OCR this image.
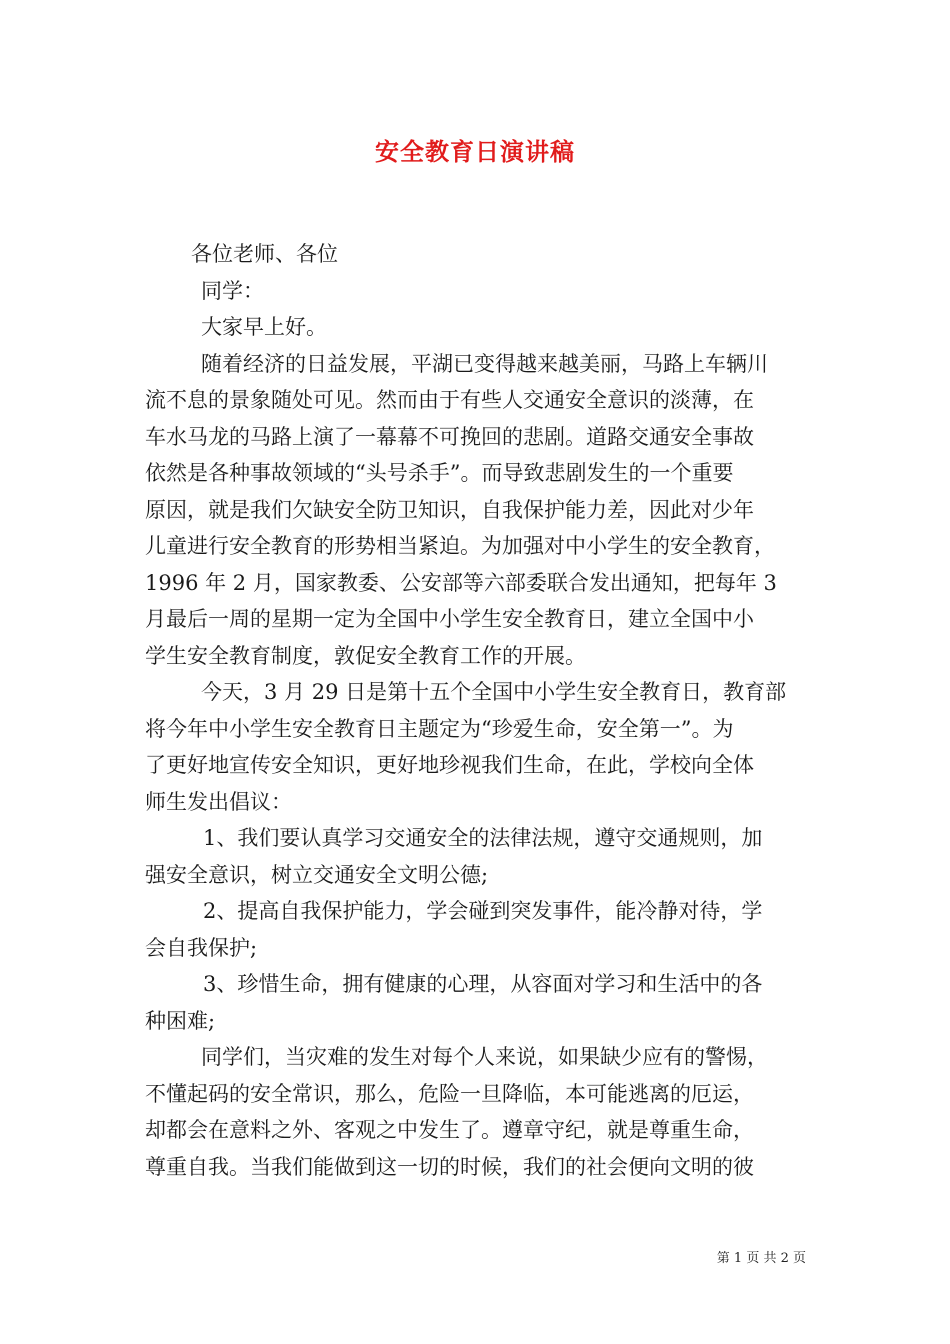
安全教育日演讲稿
各位老师、各位
同学：
大家早上好。
随着经济的日益发展，平湖已变得越来越美丽，马路上车辆川
流不息的景象随处可见。然而由于有些人交通安全意识的淡薄，在
车水马龙的马路上演了一幕幕不可挽回的悲剧。道路交通安全事故
依然是各种事故领域的“头号杀手”。而导致悲剧发生的一个重要
原因，就是我们欠缺安全防卫知识，自我保护能力差，因此对少年
儿童进行安全教育的形势相当紧迫。为加强对中小学生的安全教育，
1996 年 2 月，国家教委、公安部等六部委联合发出通知，把每年 3
月最后一周的星期一定为全国中小学生安全教育日，建立全国中小
学生安全教育制度，敦促安全教育工作的开展。
今天，3 月 29 日是第十五个全国中小学生安全教育日，教育部
将今年中小学生安全教育日主题定为“珍爱生命，安全第一”。为
了更好地宣传安全知识，更好地珍视我们生命，在此，学校向全体
师生发出倡议：
1、我们要认真学习交通安全的法律法规，遵守交通规则，加
强安全意识，树立交通安全文明公德;
2、提高自我保护能力，学会碰到突发事件，能冷静对待，学
会自我保护;
3、珍惜生命，拥有健康的心理，从容面对学习和生活中的各
种困难;
同学们，当灾难的发生对每个人来说，如果缺少应有的警惕，
不懂起码的安全常识，那么，危险一旦降临，本可能逃离的厄运，
却都会在意料之外、客观之中发生了。遵章守纪，就是尊重生命，
尊重自我。当我们能做到这一切的时候，我们的社会便向文明的彼
第 1 页 共 2 页
